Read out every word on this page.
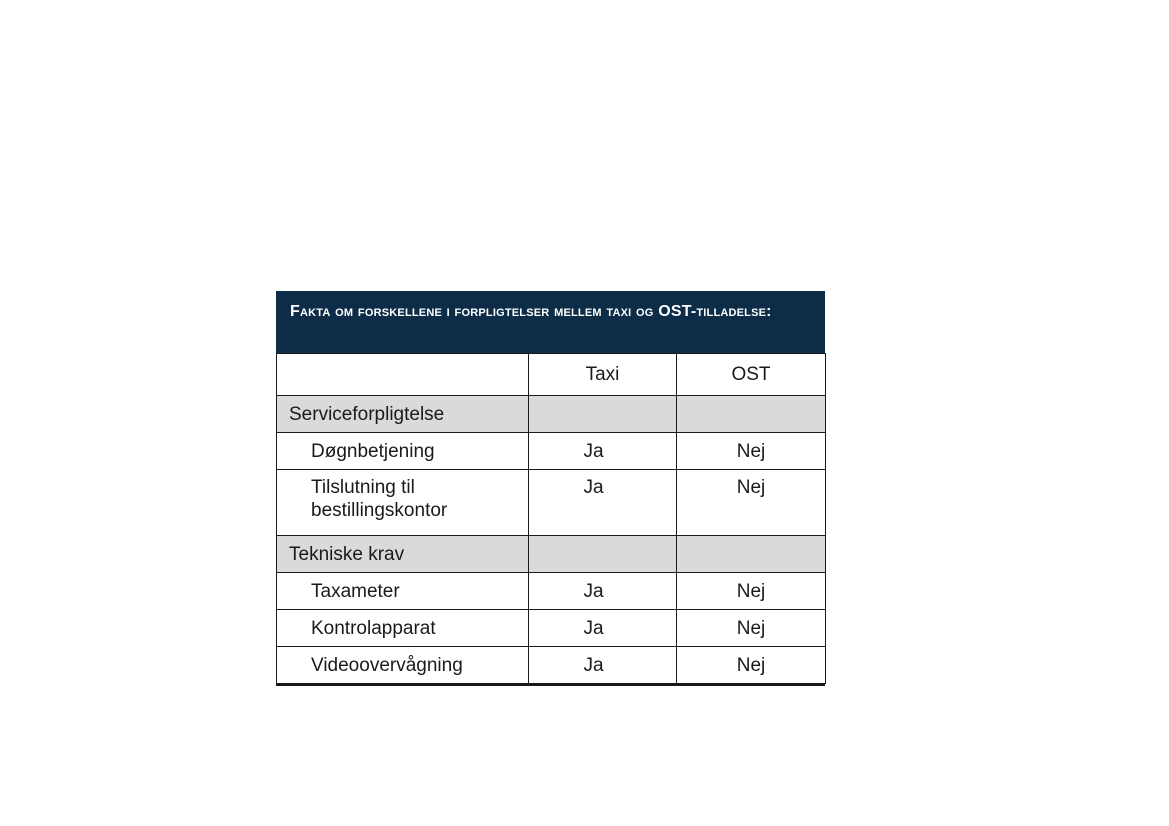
Fakta om forskellene i forpligtelser mellem taxi og OST-tilladelse:
	Taxi	OST
Serviceforpligtelse		
Døgnbetjening	Ja	Nej
Tilslutning til bestillingskontor	Ja	Nej
Tekniske krav		
Taxameter	Ja	Nej
Kontrolapparat	Ja	Nej
Videoovervågning	Ja	Nej
